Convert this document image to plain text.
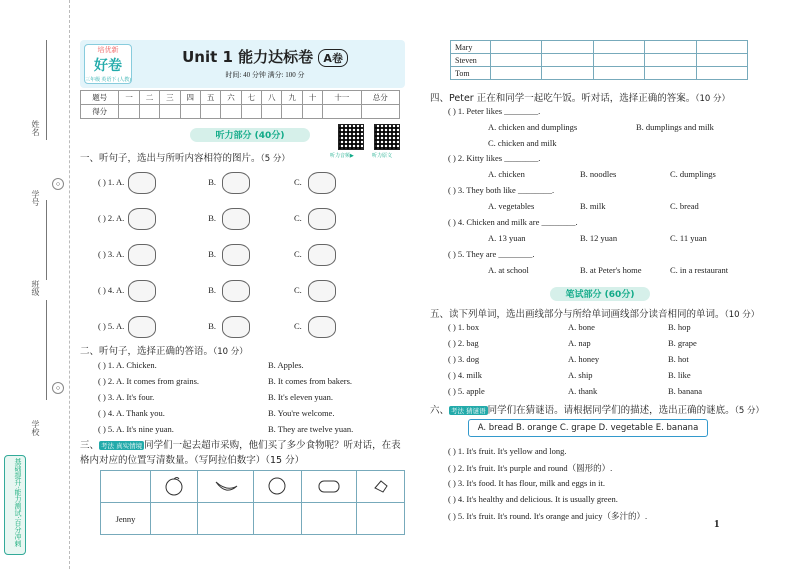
姓名
○
学号
班级
○
学校
基础提升·能力测试·百分冲刺
培优新
好卷
三年级 英语下 (人教)
Unit 1 能力达标卷 A卷
时间: 40 分钟 满分: 100 分
题号	一	二	三	四	五	六	七	八	九	十	十一	总分
得分												
听力部分 (40分)
听力音频▶	听力原文
一、听句子，选出与所听内容相符的图片。（5 分）
( ) 1. A.	B.	C.
( ) 2. A.	B.	C.
( ) 3. A.	B.	C.
( ) 4. A.	B.	C.
( ) 5. A.	B.	C.
二、听句子，选择正确的答语。（10 分）
( ) 1. A. Chicken.	B. Apples.
( ) 2. A. It comes from grains.	B. It comes from bakers.
( ) 3. A. It's four.	B. It's eleven yuan.
( ) 4. A. Thank you.	B. You're welcome.
( ) 5. A. It's nine yuan.	B. They are twelve yuan.
三、 考法 真实情境 同学们一起去超市采购，他们买了多少食物呢？听对话，在表
格内对应的位置写清数量。（写阿拉伯数字）（15 分）

Jenny					
Mary					
Steven					
Tom					
四、Peter 正在和同学一起吃午饭。听对话，选择正确的答案。（10 分）
( ) 1. Peter likes ________.
A. chicken and dumplings	B. dumplings and milk
C. chicken and milk
( ) 2. Kitty likes ________.
A. chicken	B. noodles	C. dumplings
( ) 3. They both like ________.
A. vegetables	B. milk	C. bread
( ) 4. Chicken and milk are ________.
A. 13 yuan	B. 12 yuan	C. 11 yuan
( ) 5. They are ________.
A. at school	B. at Peter's home	C. in a restaurant
笔试部分 (60分)
五、读下列单词，选出画线部分与所给单词画线部分读音相同的单词。（10 分）
( ) 1. box	A. bone	B. hop
( ) 2. bag	A. nap	B. grape
( ) 3. dog	A. honey	B. hot
( ) 4. milk	A. ship	B. like
( ) 5. apple	A. thank	B. banana
六、 考法 猜谜语 同学们在猜谜语。请根据同学们的描述，选出正确的谜底。（5 分）
A. bread B. orange C. grape D. vegetable E. banana
( ) 1. It's fruit. It's yellow and long.
( ) 2. It's fruit. It's purple and round（圆形的）.
( ) 3. It's food. It has flour, milk and eggs in it.
( ) 4. It's healthy and delicious. It is usually green.
( ) 5. It's fruit. It's round. It's orange and juicy（多汁的）.
1
